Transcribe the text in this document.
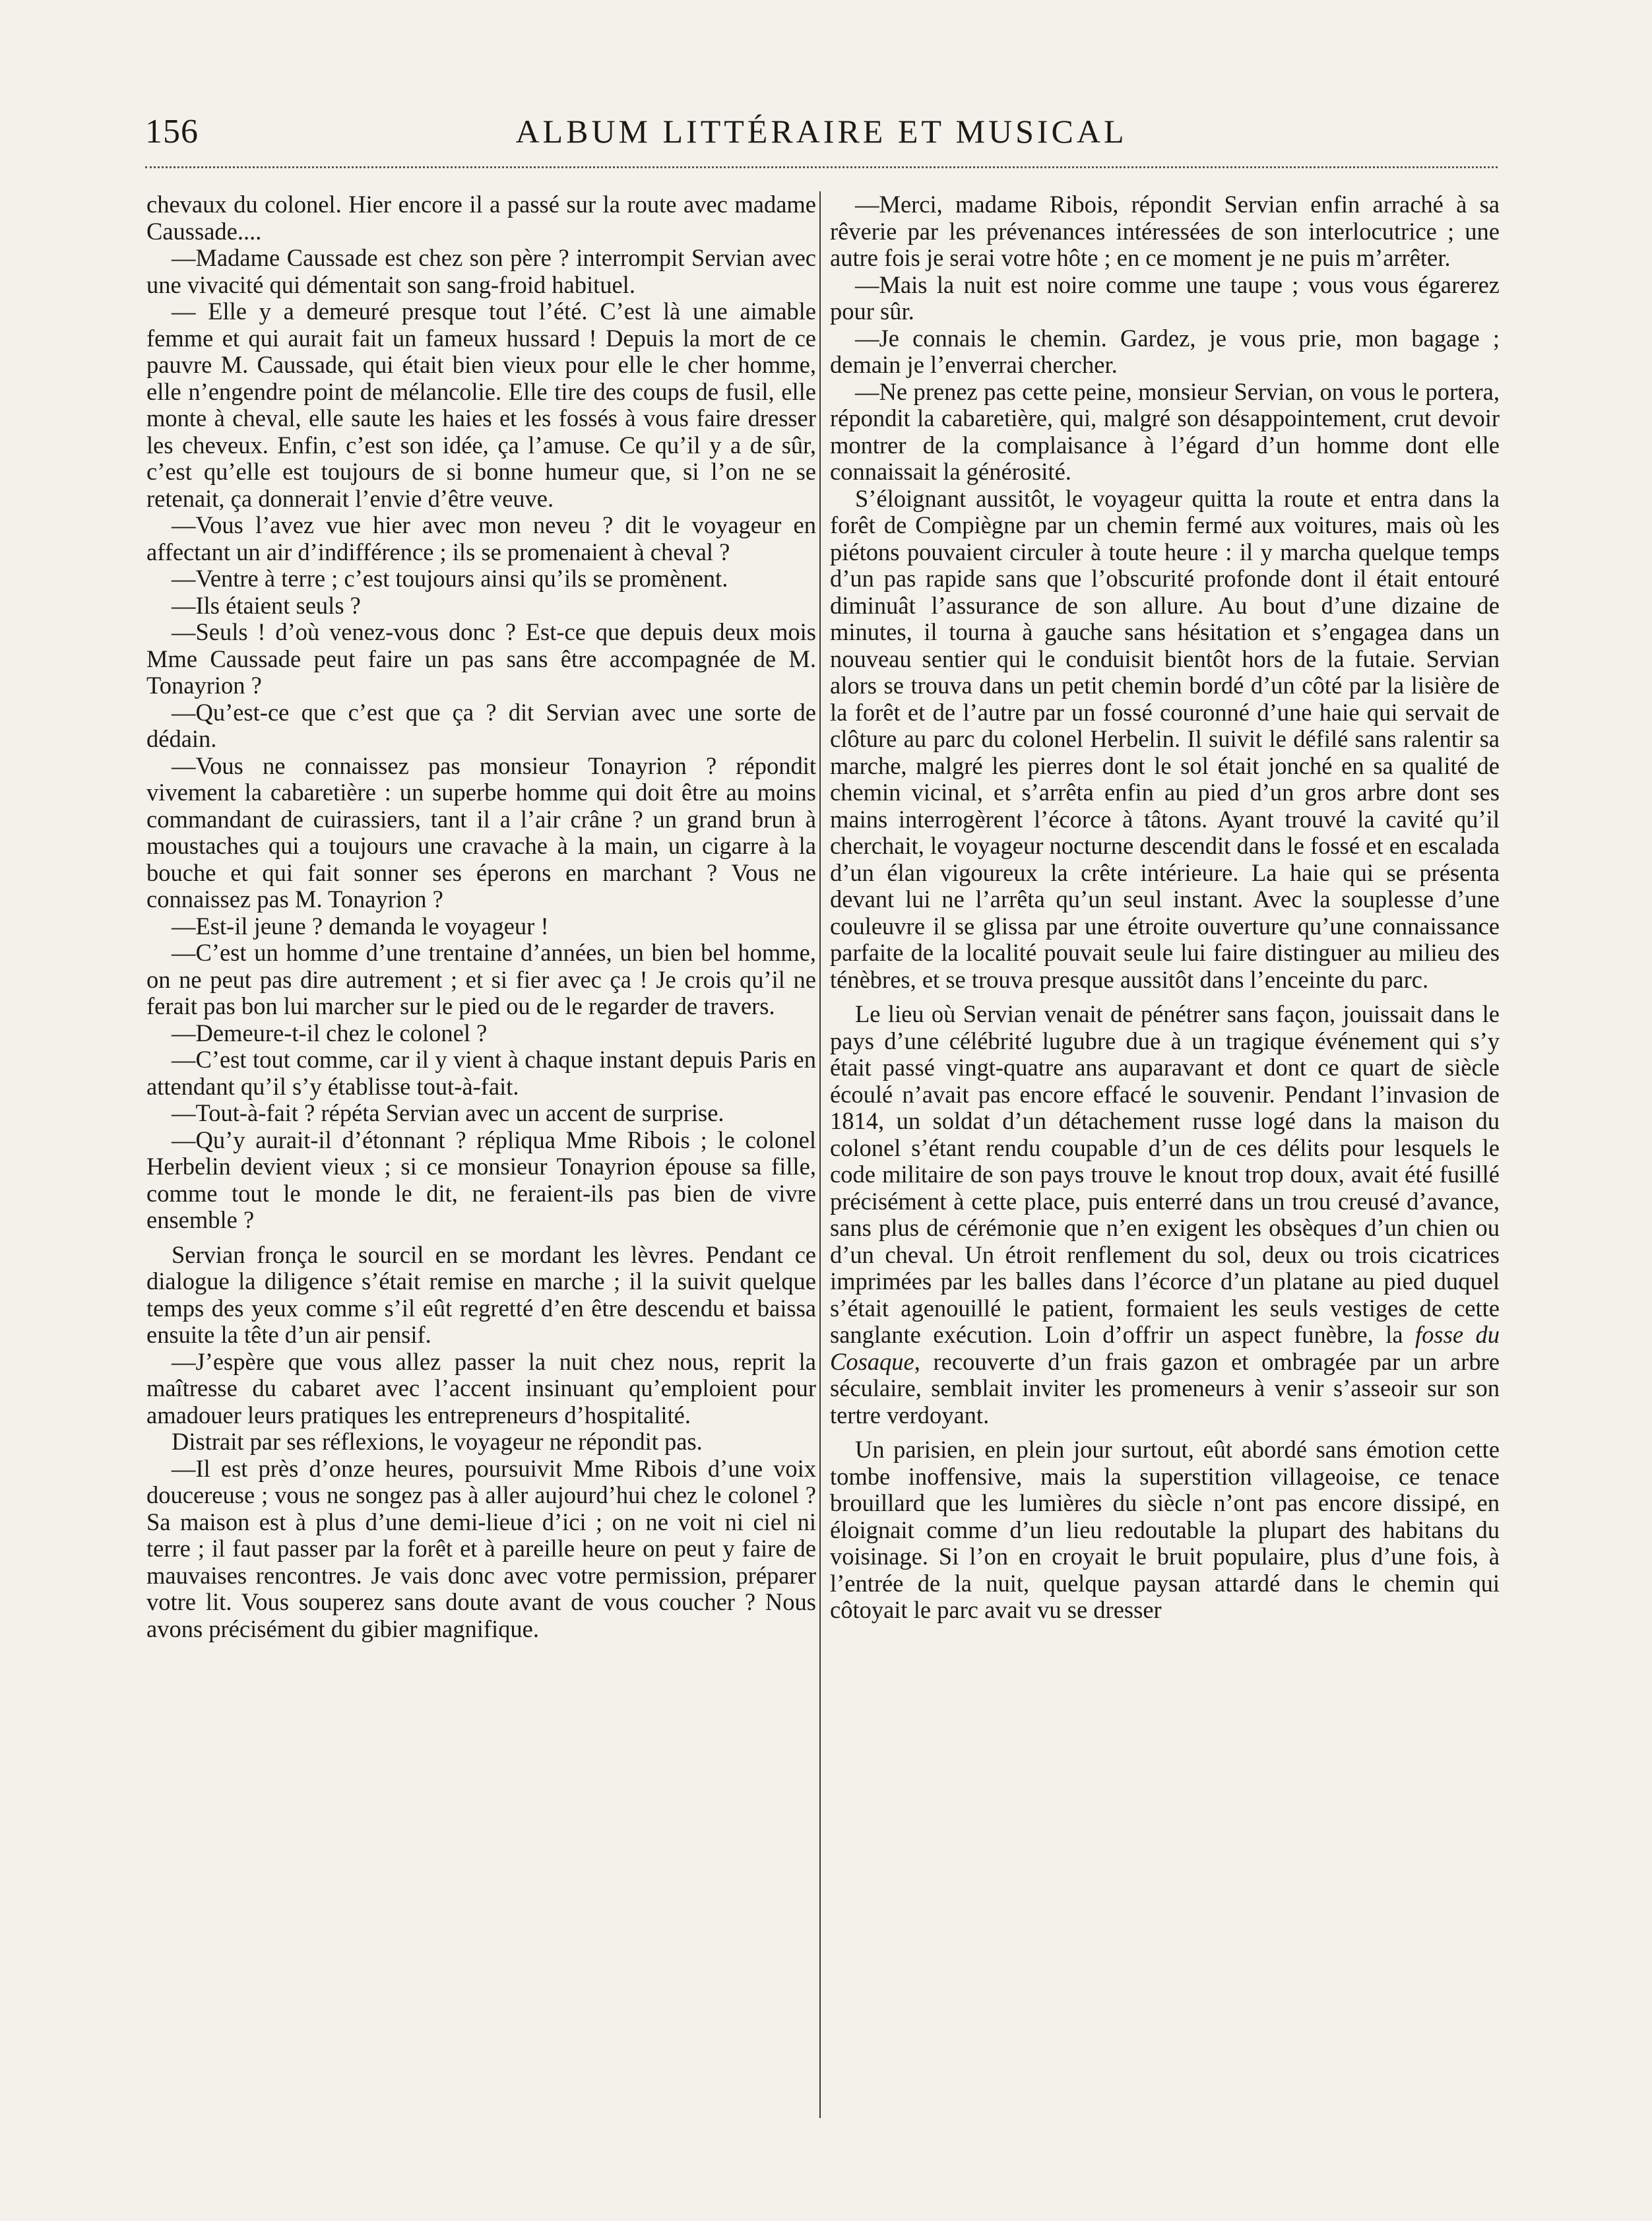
156	ALBUM LITTÉRAIRE ET MUSICAL

chevaux du colonel. Hier encore il a passé sur la route avec madame Caussade....

—Madame Caussade est chez son père ? interrompit Servian avec une vivacité qui démentait son sang-froid habituel.

— Elle y a demeuré presque tout l’été. C’est là une aimable femme et qui aurait fait un fameux hussard ! Depuis la mort de ce pauvre M. Caussade, qui était bien vieux pour elle le cher homme, elle n’engendre point de mélancolie. Elle tire des coups de fusil, elle monte à cheval, elle saute les haies et les fossés à vous faire dresser les cheveux. Enfin, c’est son idée, ça l’amuse. Ce qu’il y a de sûr, c’est qu’elle est toujours de si bonne humeur que, si l’on ne se retenait, ça donnerait l’envie d’être veuve.

—Vous l’avez vue hier avec mon neveu ? dit le voyageur en affectant un air d’indifférence ; ils se promenaient à cheval ?

—Ventre à terre ; c’est toujours ainsi qu’ils se promènent.

—Ils étaient seuls ?

—Seuls ! d’où venez-vous donc ? Est-ce que depuis deux mois Mme Caussade peut faire un pas sans être accompagnée de M. Tonayrion ?

—Qu’est-ce que c’est que ça ? dit Servian avec une sorte de dédain.

—Vous ne connaissez pas monsieur Tonayrion ? répondit vivement la cabaretière : un superbe homme qui doit être au moins commandant de cuirassiers, tant il a l’air crâne ? un grand brun à moustaches qui a toujours une cravache à la main, un cigarre à la bouche et qui fait sonner ses éperons en marchant ? Vous ne connaissez pas M. Tonayrion ?

—Est-il jeune ? demanda le voyageur !

—C’est un homme d’une trentaine d’années, un bien bel homme, on ne peut pas dire autrement ; et si fier avec ça ! Je crois qu’il ne ferait pas bon lui marcher sur le pied ou de le regarder de travers.

—Demeure-t-il chez le colonel ?

—C’est tout comme, car il y vient à chaque instant depuis Paris en attendant qu’il s’y établisse tout-à-fait.

—Tout-à-fait ? répéta Servian avec un accent de surprise.

—Qu’y aurait-il d’étonnant ? répliqua Mme Ribois ; le colonel Herbelin devient vieux ; si ce monsieur Tonayrion épouse sa fille, comme tout le monde le dit, ne feraient-ils pas bien de vivre ensemble ?

Servian fronça le sourcil en se mordant les lèvres. Pendant ce dialogue la diligence s’était remise en marche ; il la suivit quelque temps des yeux comme s’il eût regretté d’en être descendu et baissa ensuite la tête d’un air pensif.

—J’espère que vous allez passer la nuit chez nous, reprit la maîtresse du cabaret avec l’accent insinuant qu’emploient pour amadouer leurs pratiques les entrepreneurs d’hospitalité.

Distrait par ses réflexions, le voyageur ne répondit pas.

—Il est près d’onze heures, poursuivit Mme Ribois d’une voix doucereuse ; vous ne songez pas à aller aujourd’hui chez le colonel ? Sa maison est à plus d’une demi-lieue d’ici ; on ne voit ni ciel ni terre ; il faut passer par la forêt et à pareille heure on peut y faire de mauvaises rencontres. Je vais donc avec votre permission, préparer votre lit. Vous souperez sans doute avant de vous coucher ? Nous avons précisément du gibier magnifique.

—Merci, madame Ribois, répondit Servian enfin arraché à sa rêverie par les prévenances intéressées de son interlocutrice ; une autre fois je serai votre hôte ; en ce moment je ne puis m’arrêter.

—Mais la nuit est noire comme une taupe ; vous vous égarerez pour sûr.

—Je connais le chemin. Gardez, je vous prie, mon bagage ; demain je l’enverrai chercher.

—Ne prenez pas cette peine, monsieur Servian, on vous le portera, répondit la cabaretière, qui, malgré son désappointement, crut devoir montrer de la complaisance à l’égard d’un homme dont elle connaissait la générosité.

S’éloignant aussitôt, le voyageur quitta la route et entra dans la forêt de Compiègne par un chemin fermé aux voitures, mais où les piétons pouvaient circuler à toute heure : il y marcha quelque temps d’un pas rapide sans que l’obscurité profonde dont il était entouré diminuât l’assurance de son allure. Au bout d’une dizaine de minutes, il tourna à gauche sans hésitation et s’engagea dans un nouveau sentier qui le conduisit bientôt hors de la futaie. Servian alors se trouva dans un petit chemin bordé d’un côté par la lisière de la forêt et de l’autre par un fossé couronné d’une haie qui servait de clôture au parc du colonel Herbelin. Il suivit le défilé sans ralentir sa marche, malgré les pierres dont le sol était jonché en sa qualité de chemin vicinal, et s’arrêta enfin au pied d’un gros arbre dont ses mains interrogèrent l’écorce à tâtons. Ayant trouvé la cavité qu’il cherchait, le voyageur nocturne descendit dans le fossé et en escalada d’un élan vigoureux la crête intérieure. La haie qui se présenta devant lui ne l’arrêta qu’un seul instant. Avec la souplesse d’une couleuvre il se glissa par une étroite ouverture qu’une connaissance parfaite de la localité pouvait seule lui faire distinguer au milieu des ténèbres, et se trouva presque aussitôt dans l’enceinte du parc.

Le lieu où Servian venait de pénétrer sans façon, jouissait dans le pays d’une célébrité lugubre due à un tragique événement qui s’y était passé vingt-quatre ans auparavant et dont ce quart de siècle écoulé n’avait pas encore effacé le souvenir. Pendant l’invasion de 1814, un soldat d’un détachement russe logé dans la maison du colonel s’étant rendu coupable d’un de ces délits pour lesquels le code militaire de son pays trouve le knout trop doux, avait été fusillé précisément à cette place, puis enterré dans un trou creusé d’avance, sans plus de cérémonie que n’en exigent les obsèques d’un chien ou d’un cheval. Un étroit renflement du sol, deux ou trois cicatrices imprimées par les balles dans l’écorce d’un platane au pied duquel s’était agenouillé le patient, formaient les seuls vestiges de cette sanglante exécution. Loin d’offrir un aspect funèbre, la fosse du Cosaque, recouverte d’un frais gazon et ombragée par un arbre séculaire, semblait inviter les promeneurs à venir s’asseoir sur son tertre verdoyant.

Un parisien, en plein jour surtout, eût abordé sans émotion cette tombe inoffensive, mais la superstition villageoise, ce tenace brouillard que les lumières du siècle n’ont pas encore dissipé, en éloignait comme d’un lieu redoutable la plupart des habitans du voisinage. Si l’on en croyait le bruit populaire, plus d’une fois, à l’entrée de la nuit, quelque paysan attardé dans le chemin qui côtoyait le parc avait vu se dresser
